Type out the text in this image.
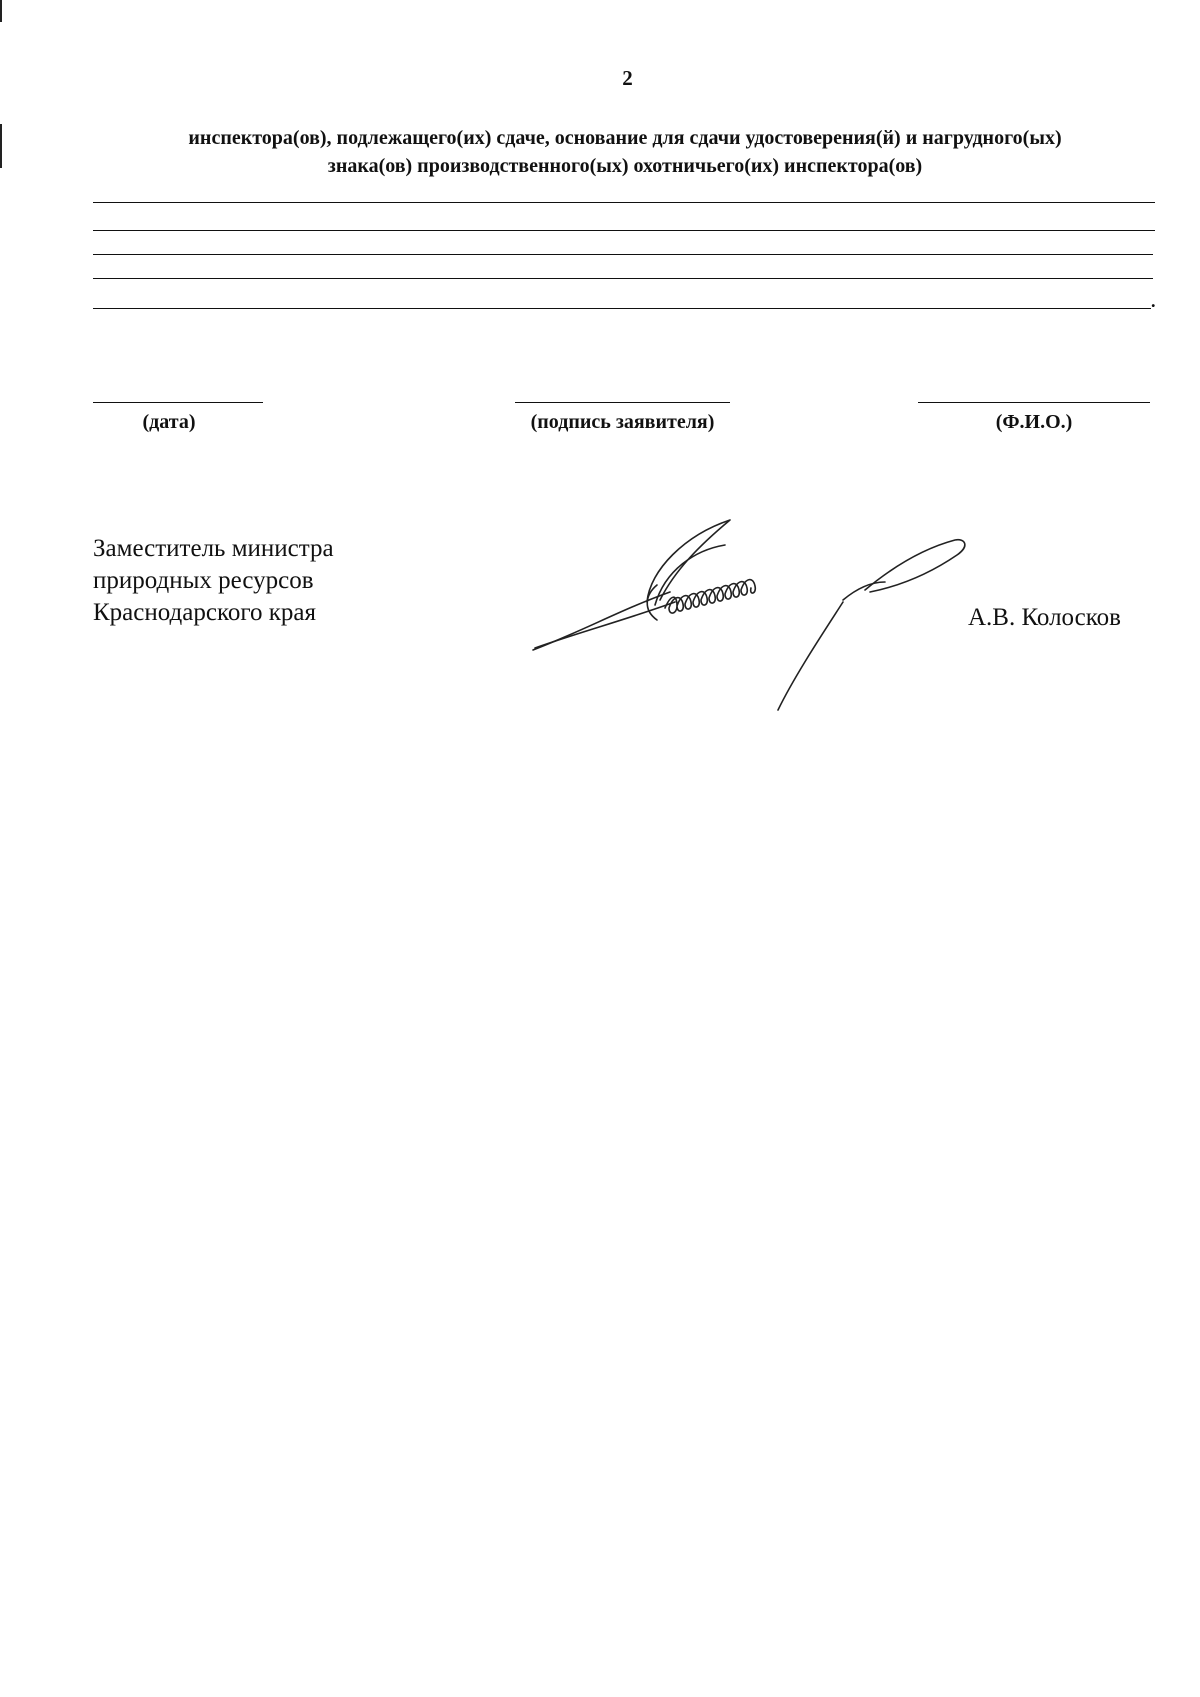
2
инспектора(ов), подлежащего(их) сдаче, основание для сдачи удостоверения(й) и нагрудного(ых)
знака(ов) производственного(ых) охотничьего(их) инспектора(ов)
.
(дата)	(подпись заявителя)	(Ф.И.О.)
Заместитель министра
природных ресурсов
Краснодарского края	А.В. Колосков
